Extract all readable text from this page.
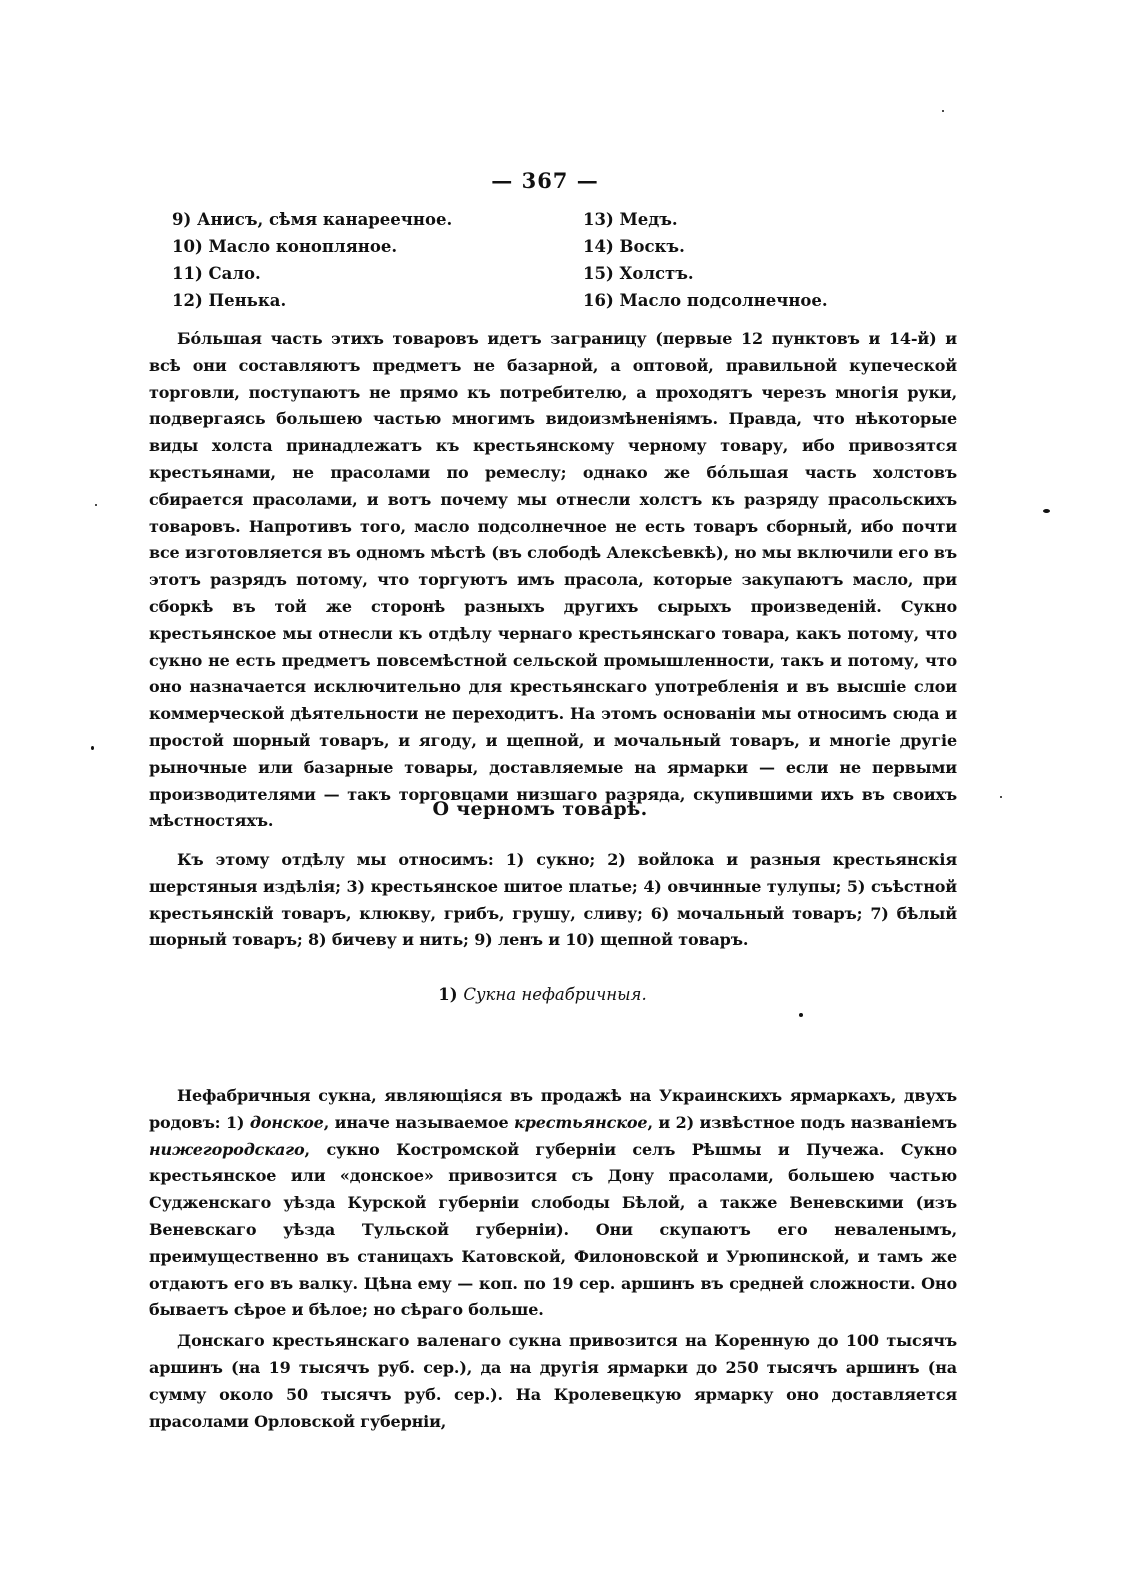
— 367 —
9) Анисъ, сѣмя канареечное.
10) Масло конопляное.
11) Сало.
12) Пенька.
13) Медъ.
14) Воскъ.
15) Холстъ.
16) Масло подсолнечное.

Бо́льшая часть этихъ товаровъ идетъ заграницу (первые 12 пунктовъ и 14-й) и всѣ они составляютъ предметъ не базарной, а оптовой, правильной купеческой торговли, поступаютъ не прямо къ потребителю, а проходятъ черезъ многія руки, подвергаясь большею частью многимъ видоизмѣненіямъ. Правда, что нѣкоторые виды холста принадлежатъ къ крестьянскому черному товару, ибо привозятся крестьянами, не прасолами по ремеслу; однако же бо́льшая часть холстовъ сбирается прасолами, и вотъ почему мы отнесли холстъ къ разряду прасольскихъ товаровъ. Напротивъ того, масло подсолнечное не есть товаръ сборный, ибо почти все изготовляется въ одномъ мѣстѣ (въ слободѣ Алексѣевкѣ), но мы включили его въ этотъ разрядъ потому, что торгуютъ имъ прасола, которые закупаютъ масло, при сборкѣ въ той же сторонѣ разныхъ другихъ сырыхъ произведеній. Сукно крестьянское мы отнесли къ отдѣлу чернаго крестьянскаго товара, какъ потому, что сукно не есть предметъ повсемѣстной сельской промышленности, такъ и потому, что оно назначается исключительно для крестьянскаго употребленія и въ высшіе слои коммерческой дѣятельности не переходитъ. На этомъ основаніи мы относимъ сюда и простой шорный товаръ, и ягоду, и щепной, и мочальный товаръ, и многіе другіе рыночные или базарные товары, доставляемые на ярмарки — если не первыми производителями — такъ торговцами низшаго разряда, скупившими ихъ въ своихъ мѣстностяхъ.

О черномъ товарѣ.

Къ этому отдѣлу мы относимъ: 1) сукно; 2) войлока и разныя крестьянскія шерстяныя издѣлія; 3) крестьянское шитое платье; 4) овчинные тулупы; 5) съѣстной крестьянскій товаръ, клюкву, грибъ, грушу, сливу; 6) мочальный товаръ; 7) бѣлый шорный товаръ; 8) бичеву и нить; 9) ленъ и 10) щепной товаръ.

1) Сукна нефабричныя.

Нефабричныя сукна, являющіяся въ продажѣ на Украинскихъ ярмаркахъ, двухъ родовъ: 1) донское, иначе называемое крестьянское, и 2) извѣстное подъ названіемъ нижегородскаго, сукно Костромской губерніи селъ Рѣшмы и Пучежа. Сукно крестьянское или «донское» привозится съ Дону прасолами, большею частью Судженскаго уѣзда Курской губерніи слободы Бѣлой, а также Веневскими (изъ Веневскаго уѣзда Тульской губерніи). Они скупаютъ его неваленымъ, преимущественно въ станицахъ Катовской, Филоновской и Урюпинской, и тамъ же отдаютъ его въ валку. Цѣна ему — коп. по 19 сер. аршинъ въ средней сложности. Оно бываетъ сѣрое и бѣлое; но сѣраго больше.

Донскаго крестьянскаго валенаго сукна привозится на Коренную до 100 тысячъ аршинъ (на 19 тысячъ руб. сер.), да на другія ярмарки до 250 тысячъ аршинъ (на сумму около 50 тысячъ руб. сер.). На Кролевецкую ярмарку оно доставляется прасолами Орловской губерніи,
